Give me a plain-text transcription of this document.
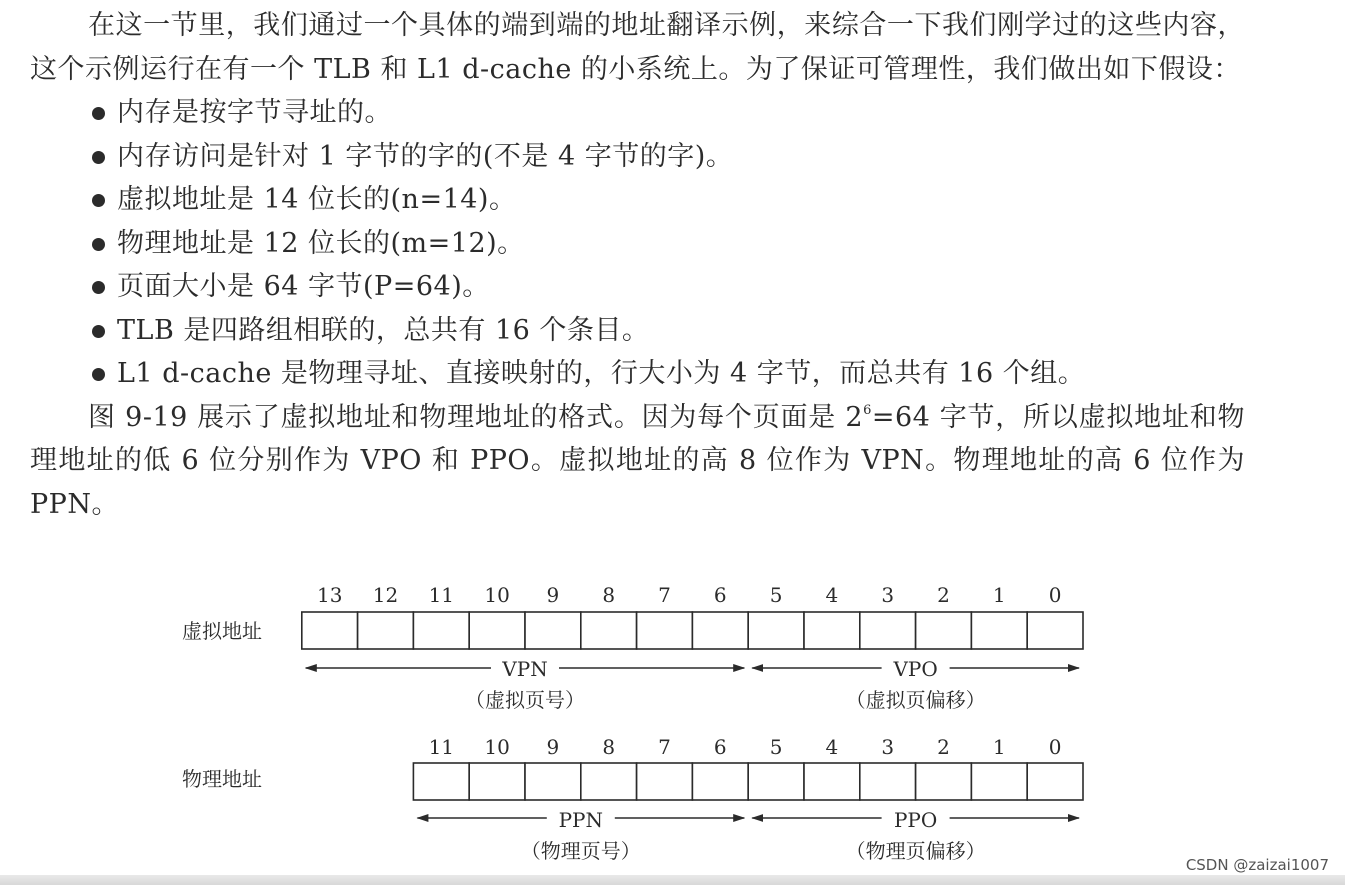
在这一节里，我们通过一个具体的端到端的地址翻译示例，来综合一下我们刚学过的这些内容，这个示例运行在有一个 TLB 和 L1 d-cache 的小系统上。为了保证可管理性，我们做出如下假设：

内存是按字节寻址的。
内存访问是针对 1 字节的字的(不是 4 字节的字)。
虚拟地址是 14 位长的(n=14)。
物理地址是 12 位长的(m=12)。
页面大小是 64 字节(P=64)。
TLB 是四路组相联的，总共有 16 个条目。
L1 d-cache 是物理寻址、直接映射的，行大小为 4 字节，而总共有 16 个组。

图 9-19 展示了虚拟地址和物理地址的格式。因为每个页面是 $2^6=64$ 字节，所以虚拟地址和物理地址的低 6 位分别作为 VPO 和 PPO。虚拟地址的高 8 位作为 VPN。物理地址的高 6 位作为 PPN。

虚拟地址
13 12 11 10 9 8 7 6 5 4 3 2 1 0
VPN
（虚拟页号）
VPO
（虚拟页偏移）
物理地址
11 10 9 8 7 6 5 4 3 2 1 0
PPN
（物理页号）
PPO
（物理页偏移）
CSDN @zaizai1007
